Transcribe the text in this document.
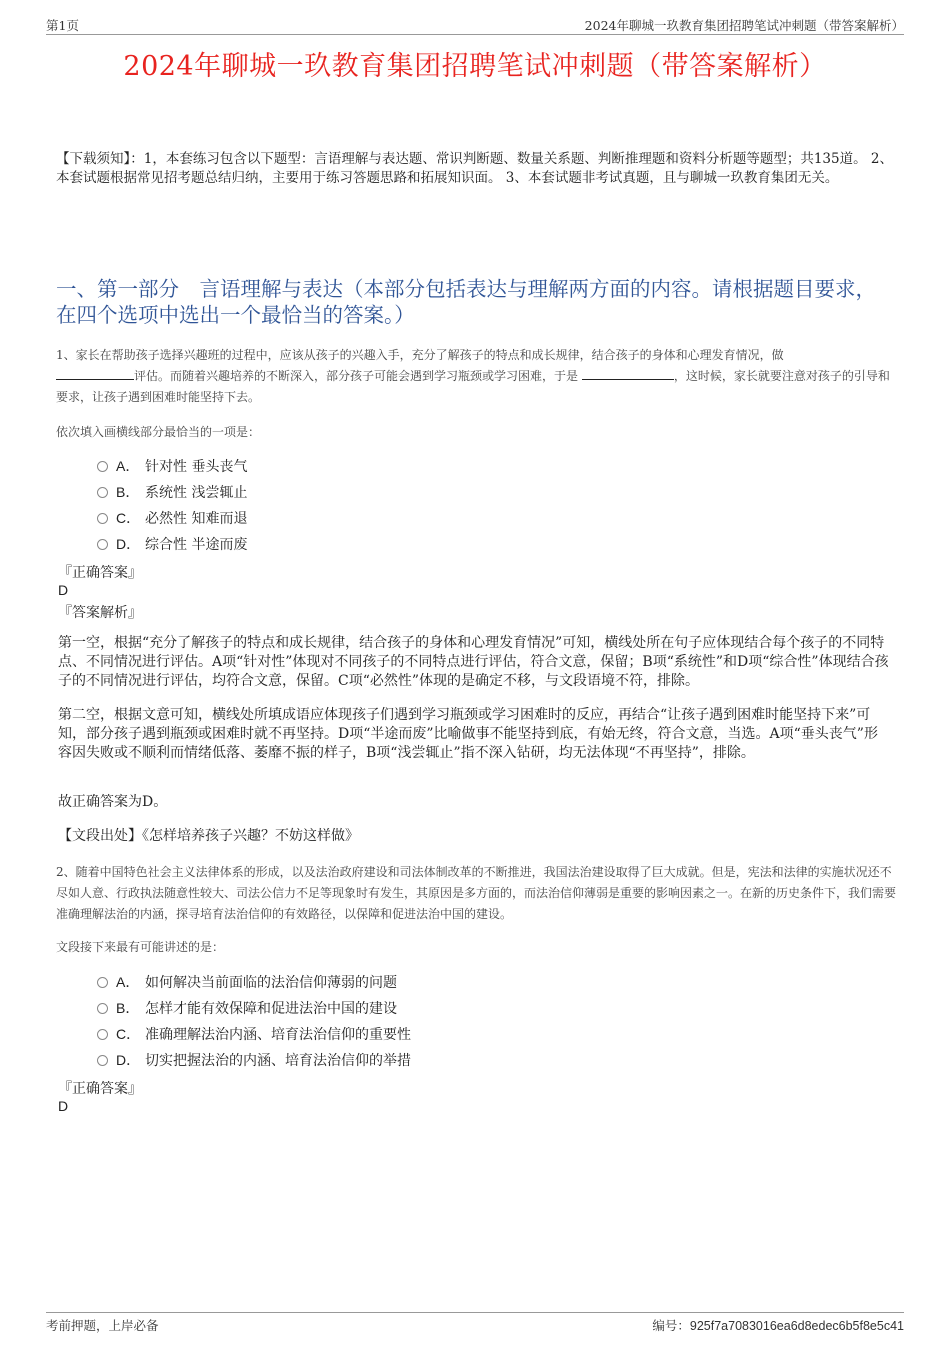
第1页	2024年聊城一玖教育集团招聘笔试冲刺题（带答案解析）
2024年聊城一玖教育集团招聘笔试冲刺题（带答案解析）
【下载须知】：1，本套练习包含以下题型：言语理解与表达题、常识判断题、数量关系题、判断推理题和资料分析题等题型；共135道。 2、本套试题根据常见招考题总结归纳，主要用于练习答题思路和拓展知识面。 3、本套试题非考试真题，且与聊城一玖教育集团无关。
一、第一部分　言语理解与表达（本部分包括表达与理解两方面的内容。请根据题目要求，在四个选项中选出一个最恰当的答案。）
1、家长在帮助孩子选择兴趣班的过程中，应该从孩子的兴趣入手，充分了解孩子的特点和成长规律，结合孩子的身体和心理发育情况，做
评估。而随着兴趣培养的不断深入，部分孩子可能会遇到学习瓶颈或学习困难，于是	，这时候，家长就要注意对孩子的引导和要求，让孩子遇到困难时能坚持下去。
依次填入画横线部分最恰当的一项是：
A． 针对性 垂头丧气
B． 系统性 浅尝辄止
C． 必然性 知难而退
D． 综合性 半途而废
『正确答案』
D
『答案解析』
第一空，根据“充分了解孩子的特点和成长规律，结合孩子的身体和心理发育情况”可知，横线处所在句子应体现结合每个孩子的不同特点、不同情况进行评估。A项“针对性”体现对不同孩子的不同特点进行评估，符合文意，保留；B项“系统性”和D项“综合性”体现结合孩子的不同情况进行评估，均符合文意，保留。C项“必然性”体现的是确定不移，与文段语境不符，排除。
第二空，根据文意可知，横线处所填成语应体现孩子们遇到学习瓶颈或学习困难时的反应，再结合“让孩子遇到困难时能坚持下来”可知，部分孩子遇到瓶颈或困难时就不再坚持。D项“半途而废”比喻做事不能坚持到底，有始无终，符合文意，当选。A项“垂头丧气”形容因失败或不顺利而情绪低落、萎靡不振的样子，B项“浅尝辄止”指不深入钻研，均无法体现“不再坚持”，排除。
故正确答案为D。
【文段出处】《怎样培养孩子兴趣？不妨这样做》
2、随着中国特色社会主义法律体系的形成，以及法治政府建设和司法体制改革的不断推进，我国法治建设取得了巨大成就。但是，宪法和法律的实施状况还不尽如人意、行政执法随意性较大、司法公信力不足等现象时有发生，其原因是多方面的，而法治信仰薄弱是重要的影响因素之一。在新的历史条件下，我们需要准确理解法治的内涵，探寻培育法治信仰的有效路径，以保障和促进法治中国的建设。
文段接下来最有可能讲述的是：
A． 如何解决当前面临的法治信仰薄弱的问题
B． 怎样才能有效保障和促进法治中国的建设
C． 准确理解法治内涵、培育法治信仰的重要性
D． 切实把握法治的内涵、培育法治信仰的举措
『正确答案』
D
考前押题，上岸必备	编号：925f7a7083016ea6d8edec6b5f8e5c41
